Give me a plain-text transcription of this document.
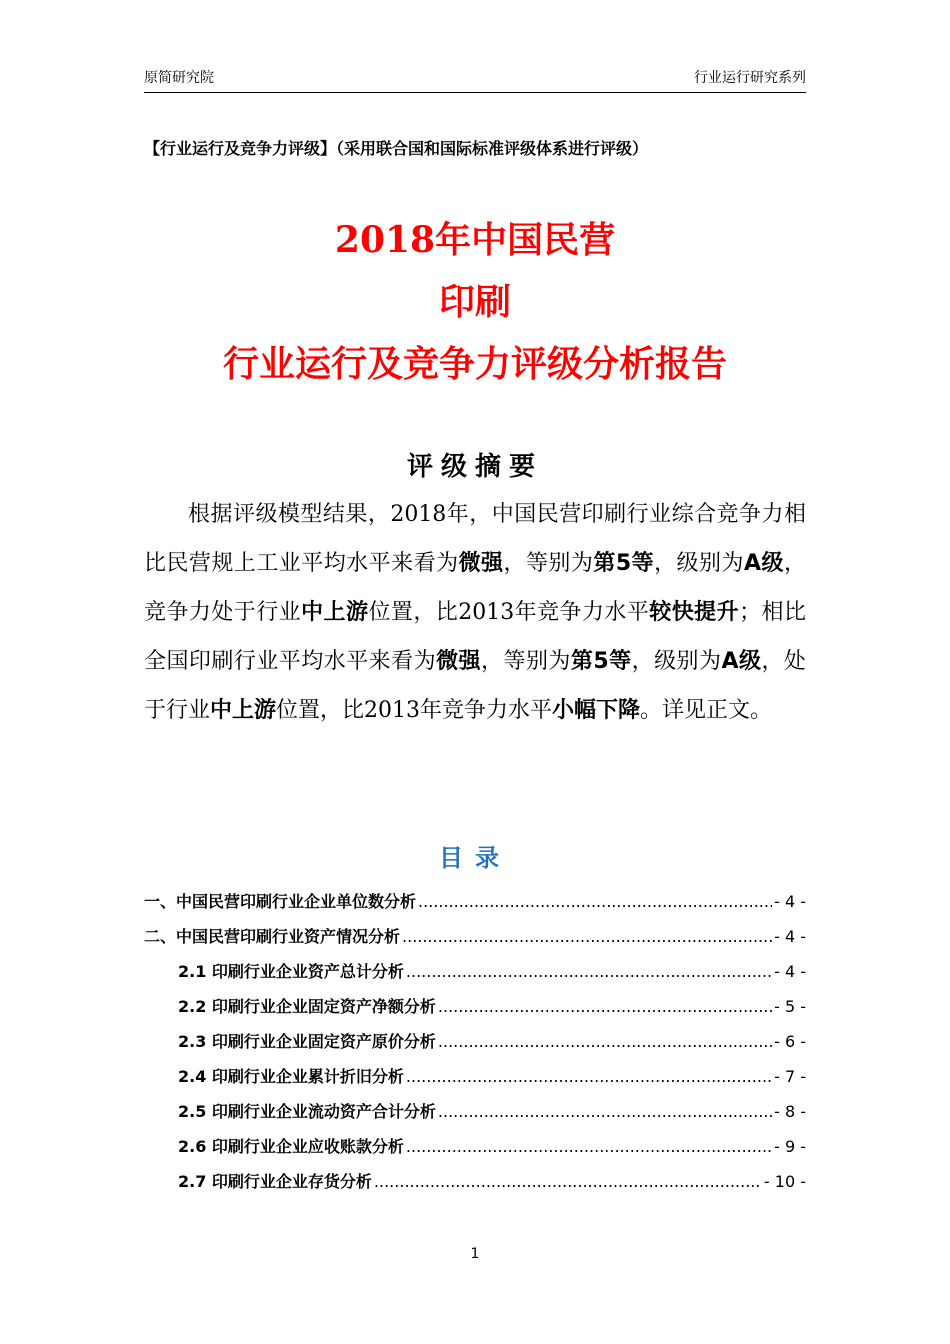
原简研究院	行业运行研究系列
【行业运行及竞争力评级】（采用联合国和国际标准评级体系进行评级）
2018年中国民营
印刷
行业运行及竞争力评级分析报告
评级摘要

根据评级模型结果，2018年，中国民营印刷行业综合竞争力相比民营规上工业平均水平来看为微强，等别为第5等，级别为A级，竞争力处于行业中上游位置，比2013年竞争力水平较快提升；相比全国印刷行业平均水平来看为微强，等别为第5等，级别为A级，处于行业中上游位置，比2013年竞争力水平小幅下降。详见正文。

目录
一、中国民营印刷行业企业单位数分析 .....	- 4 -
二、中国民营印刷行业资产情况分析 .....	- 4 -
2.1 印刷行业企业资产总计分析 .....	- 4 -
2.2 印刷行业企业固定资产净额分析 .....	- 5 -
2.3 印刷行业企业固定资产原价分析 .....	- 6 -
2.4 印刷行业企业累计折旧分析 .....	- 7 -
2.5 印刷行业企业流动资产合计分析 .....	- 8 -
2.6 印刷行业企业应收账款分析 .....	- 9 -
2.7 印刷行业企业存货分析 .....	- 10 -
1
